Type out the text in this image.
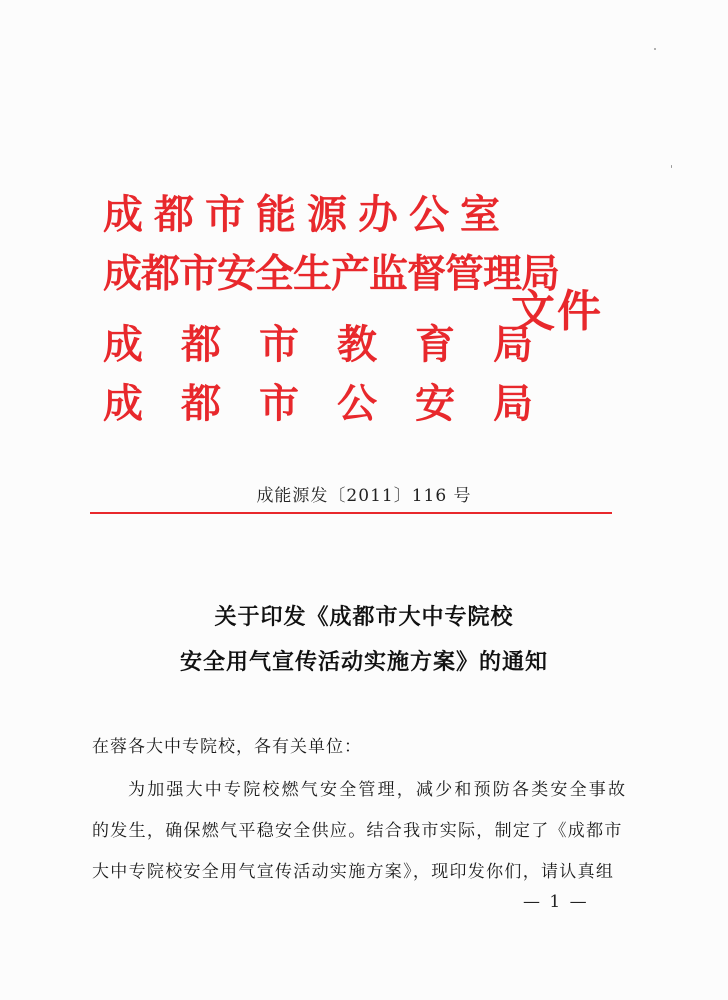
成都市能源办公室
成都市安全生产监督管理局
成都市教育局
成都市公安局
文件
成能源发〔2011〕116 号
关于印发《成都市大中专院校
安全用气宣传活动实施方案》的通知
在蓉各大中专院校，各有关单位：
为加强大中专院校燃气安全管理，减少和预防各类安全事故
的发生，确保燃气平稳安全供应。结合我市实际，制定了《成都市
大中专院校安全用气宣传活动实施方案》，现印发你们，请认真组
— 1 —
